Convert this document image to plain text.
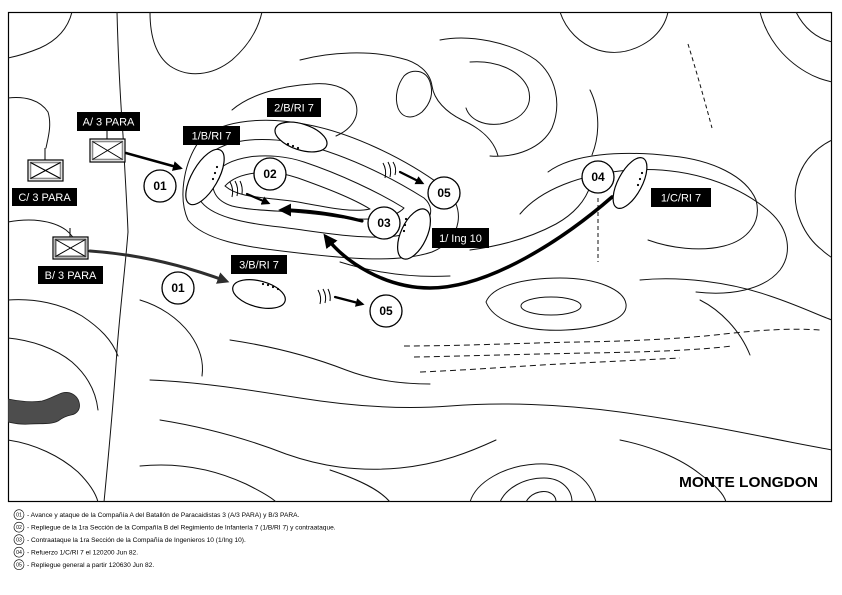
01
01
02
03
04
05
05
A/ 3 PARA
C/ 3 PARA
B/ 3 PARA
1/B/RI 7
2/B/RI 7
3/B/RI 7
1/ Ing 10
1/C/RI 7
MONTE LONGDON
01 - Avance y ataque de la Compañía A del Batallón de Paracaidistas 3 (A/3 PARA) y B/3 PARA.
02 - Repliegue de la 1ra Sección de la Compañía B del Regimiento de Infantería 7 (1/B/RI 7) y contraataque.
03 - Contraataque la 1ra Sección de la Compañía de Ingenieros 10 (1/Ing 10).
04 - Refuerzo 1/C/RI 7 el 120200 Jun 82.
05 - Repliegue general a partir 120630 Jun 82.
